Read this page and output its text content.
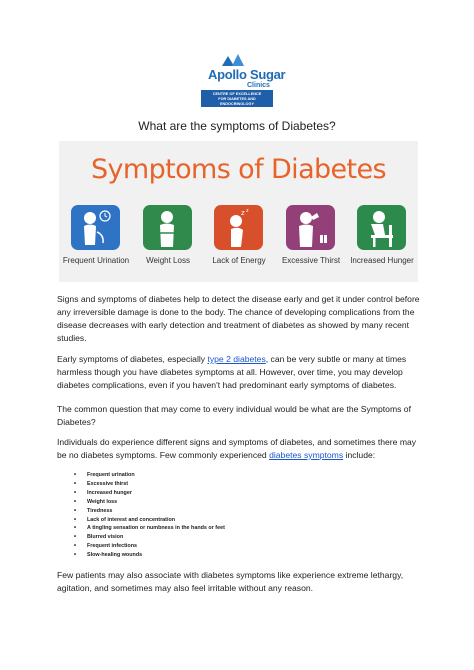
Apollo Sugar
Clinics
CENTRE OF EXCELLENCE
FOR DIABETES AND ENDOCRINOLOGY
What are the symptoms of Diabetes?
Symptoms of Diabetes
z z
Frequent Urination	Weight Loss	Lack of Energy	Excessive Thirst	Increased Hunger

Signs and symptoms of diabetes help to detect the disease early and get it under control before any irreversible damage is done to the body. The chance of developing complications from the disease decreases with early detection and treatment of diabetes as showed by many recent studies.

Early symptoms of diabetes, especially type 2 diabetes, can be very subtle or many at times harmless though you have diabetes symptoms at all. However, over time, you may develop diabetes complications, even if you haven't had predominant early symptoms of diabetes.

The common question that may come to every individual would be what are the Symptoms of Diabetes?

Individuals do experience different signs and symptoms of diabetes, and sometimes there may be no diabetes symptoms. Few commonly experienced diabetes symptoms include:

• Frequent urination
• Excessive thirst
• Increased hunger
• Weight loss
• Tiredness
• Lack of interest and concentration
• A tingling sensation or numbness in the hands or feet
• Blurred vision
• Frequent infections
• Slow-healing wounds

Few patients may also associate with diabetes symptoms like experience extreme lethargy, agitation, and sometimes may also feel irritable without any reason.
